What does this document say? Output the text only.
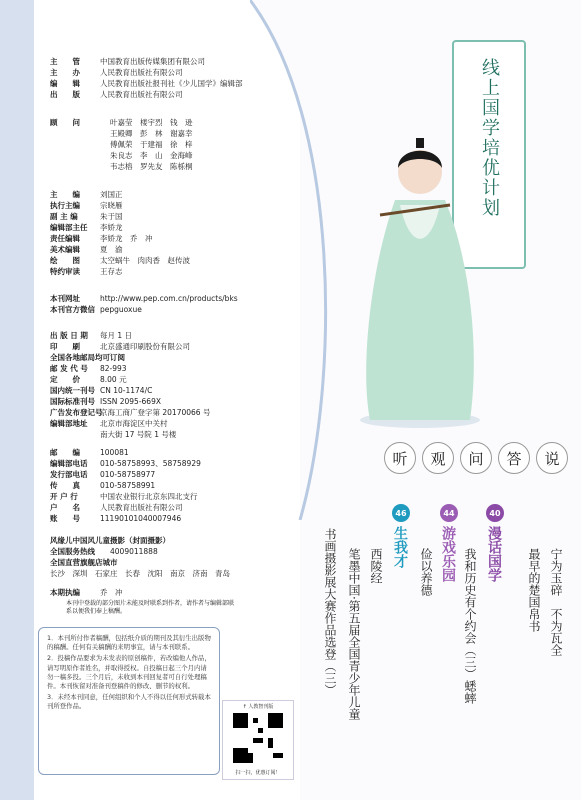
主　　管	中国教育出版传媒集团有限公司
主　　办	人民教育出版社有限公司
编　　辑	人民教育出版社报刊社《少儿国学》编辑部
出　　版	人民教育出版社有限公司
顾　　问	叶嘉莹　楼宇烈　钱　逊
王殿卿　彭　林　谢嘉幸
傅佩荣　于建福　徐　梓
朱良志　李　山　金海峰
韦志榕　罗先友　陈栎桐
主　　编	刘国正
执行主编	宗晓雁
副 主 编	朱于国
编辑部主任	李娇龙
责任编辑	李娇龙　乔　冲
美术编辑	夏　渝
绘　　图	太空蜗牛　肉肉香　赵传波
特约审读	王存志
本刊网址	http://www.pep.com.cn/products/bks
本刊官方微信 pepguoxue
出 版 日 期	每月 1 日
印　　刷	北京盛通印刷股份有限公司
全国各地邮局均可订阅
邮 发 代 号	82-993
定　　价	8.00 元
国内统一刊号 CN 10-1174/C
国际标准刊号 ISSN 2095-669X
广告发布登记号
京海工商广登字第 20170066 号
编辑部地址	北京市海淀区中关村
南大街 17 号院 1 号楼
邮　　编	100081
编辑部电话	010-58758993、58758929
发行部电话	010-58758977
传　　真	010-58758991
开 户 行	中国农业银行北京东四北支行
户　　名	人民教育出版社有限公司
账　　号	11190101040007946
风缘儿中国风儿童摄影（封面摄影）
全国服务热线	4009011888
全国直营旗舰店城市
长沙　深圳　石家庄　长春　沈阳　南京　济南　青岛
本期执编	乔　冲
本刊中登载的部分图片未能及时联系到作者，请作者与编辑部联系以便我们奉上稿酬。

1．本刊所付作者稿酬，包括纸介质的期刊及其衍生出版物的稿酬。任何有关稿酬的来明事宜，请与本刊联系。

2．投稿作品要求为未发表的原创稿件，若改编他人作品，请写明原作者姓名，并取得授权。自投稿日起三个月内请勿一稿多投。三个月后，未收到本刊回复者可自行处理稿件。本刊恢留对准备刊登稿件的修改、删节的权利。

3．未经本刊同意，任何组织和个人不得以任何形式转载本刊所登作品。	↑ 人教智刊版
扫一扫，优惠订阅！
线上国学培优计划
听	观	问	答	说
40
漫话国学	宁为玉碎　不为瓦全
最早的楚国帛书
我和历史有个约会（三）蟋蟀
44
游戏乐园
俭以养德
46
生我才
西陵经
笔墨中国·第五届全国青少年儿童
书画摄影展大赛作品选登（三）
